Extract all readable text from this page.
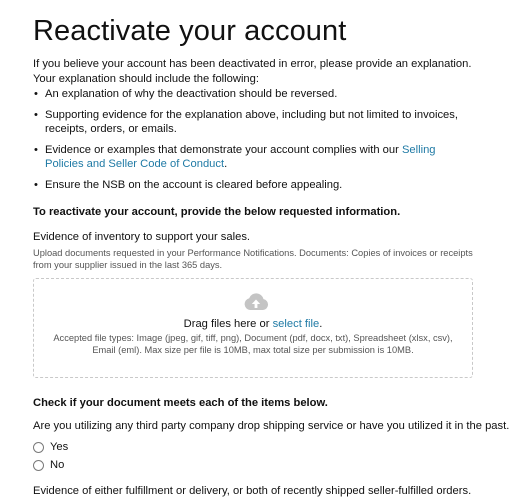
Reactivate your account
If you believe your account has been deactivated in error, please provide an explanation. Your explanation should include the following:
• An explanation of why the deactivation should be reversed.
• Supporting evidence for the explanation above, including but not limited to invoices, receipts, orders, or emails.
• Evidence or examples that demonstrate your account complies with our Selling Policies and Seller Code of Conduct.
• Ensure the NSB on the account is cleared before appealing.
To reactivate your account, provide the below requested information.
Evidence of inventory to support your sales.
Upload documents requested in your Performance Notifications. Documents: Copies of invoices or receipts from your supplier issued in the last 365 days.
Drag files here or select file.
Accepted file types: Image (jpeg, gif, tiff, png), Document (pdf, docx, txt), Spreadsheet (xlsx, csv), Email (eml). Max size per file is 10MB, max total size per submission is 10MB.
Check if your document meets each of the items below.
Are you utilizing any third party company drop shipping service or have you utilized it in the past.
Yes
No
Evidence of either fulfillment or delivery, or both of recently shipped seller-fulfilled orders.
